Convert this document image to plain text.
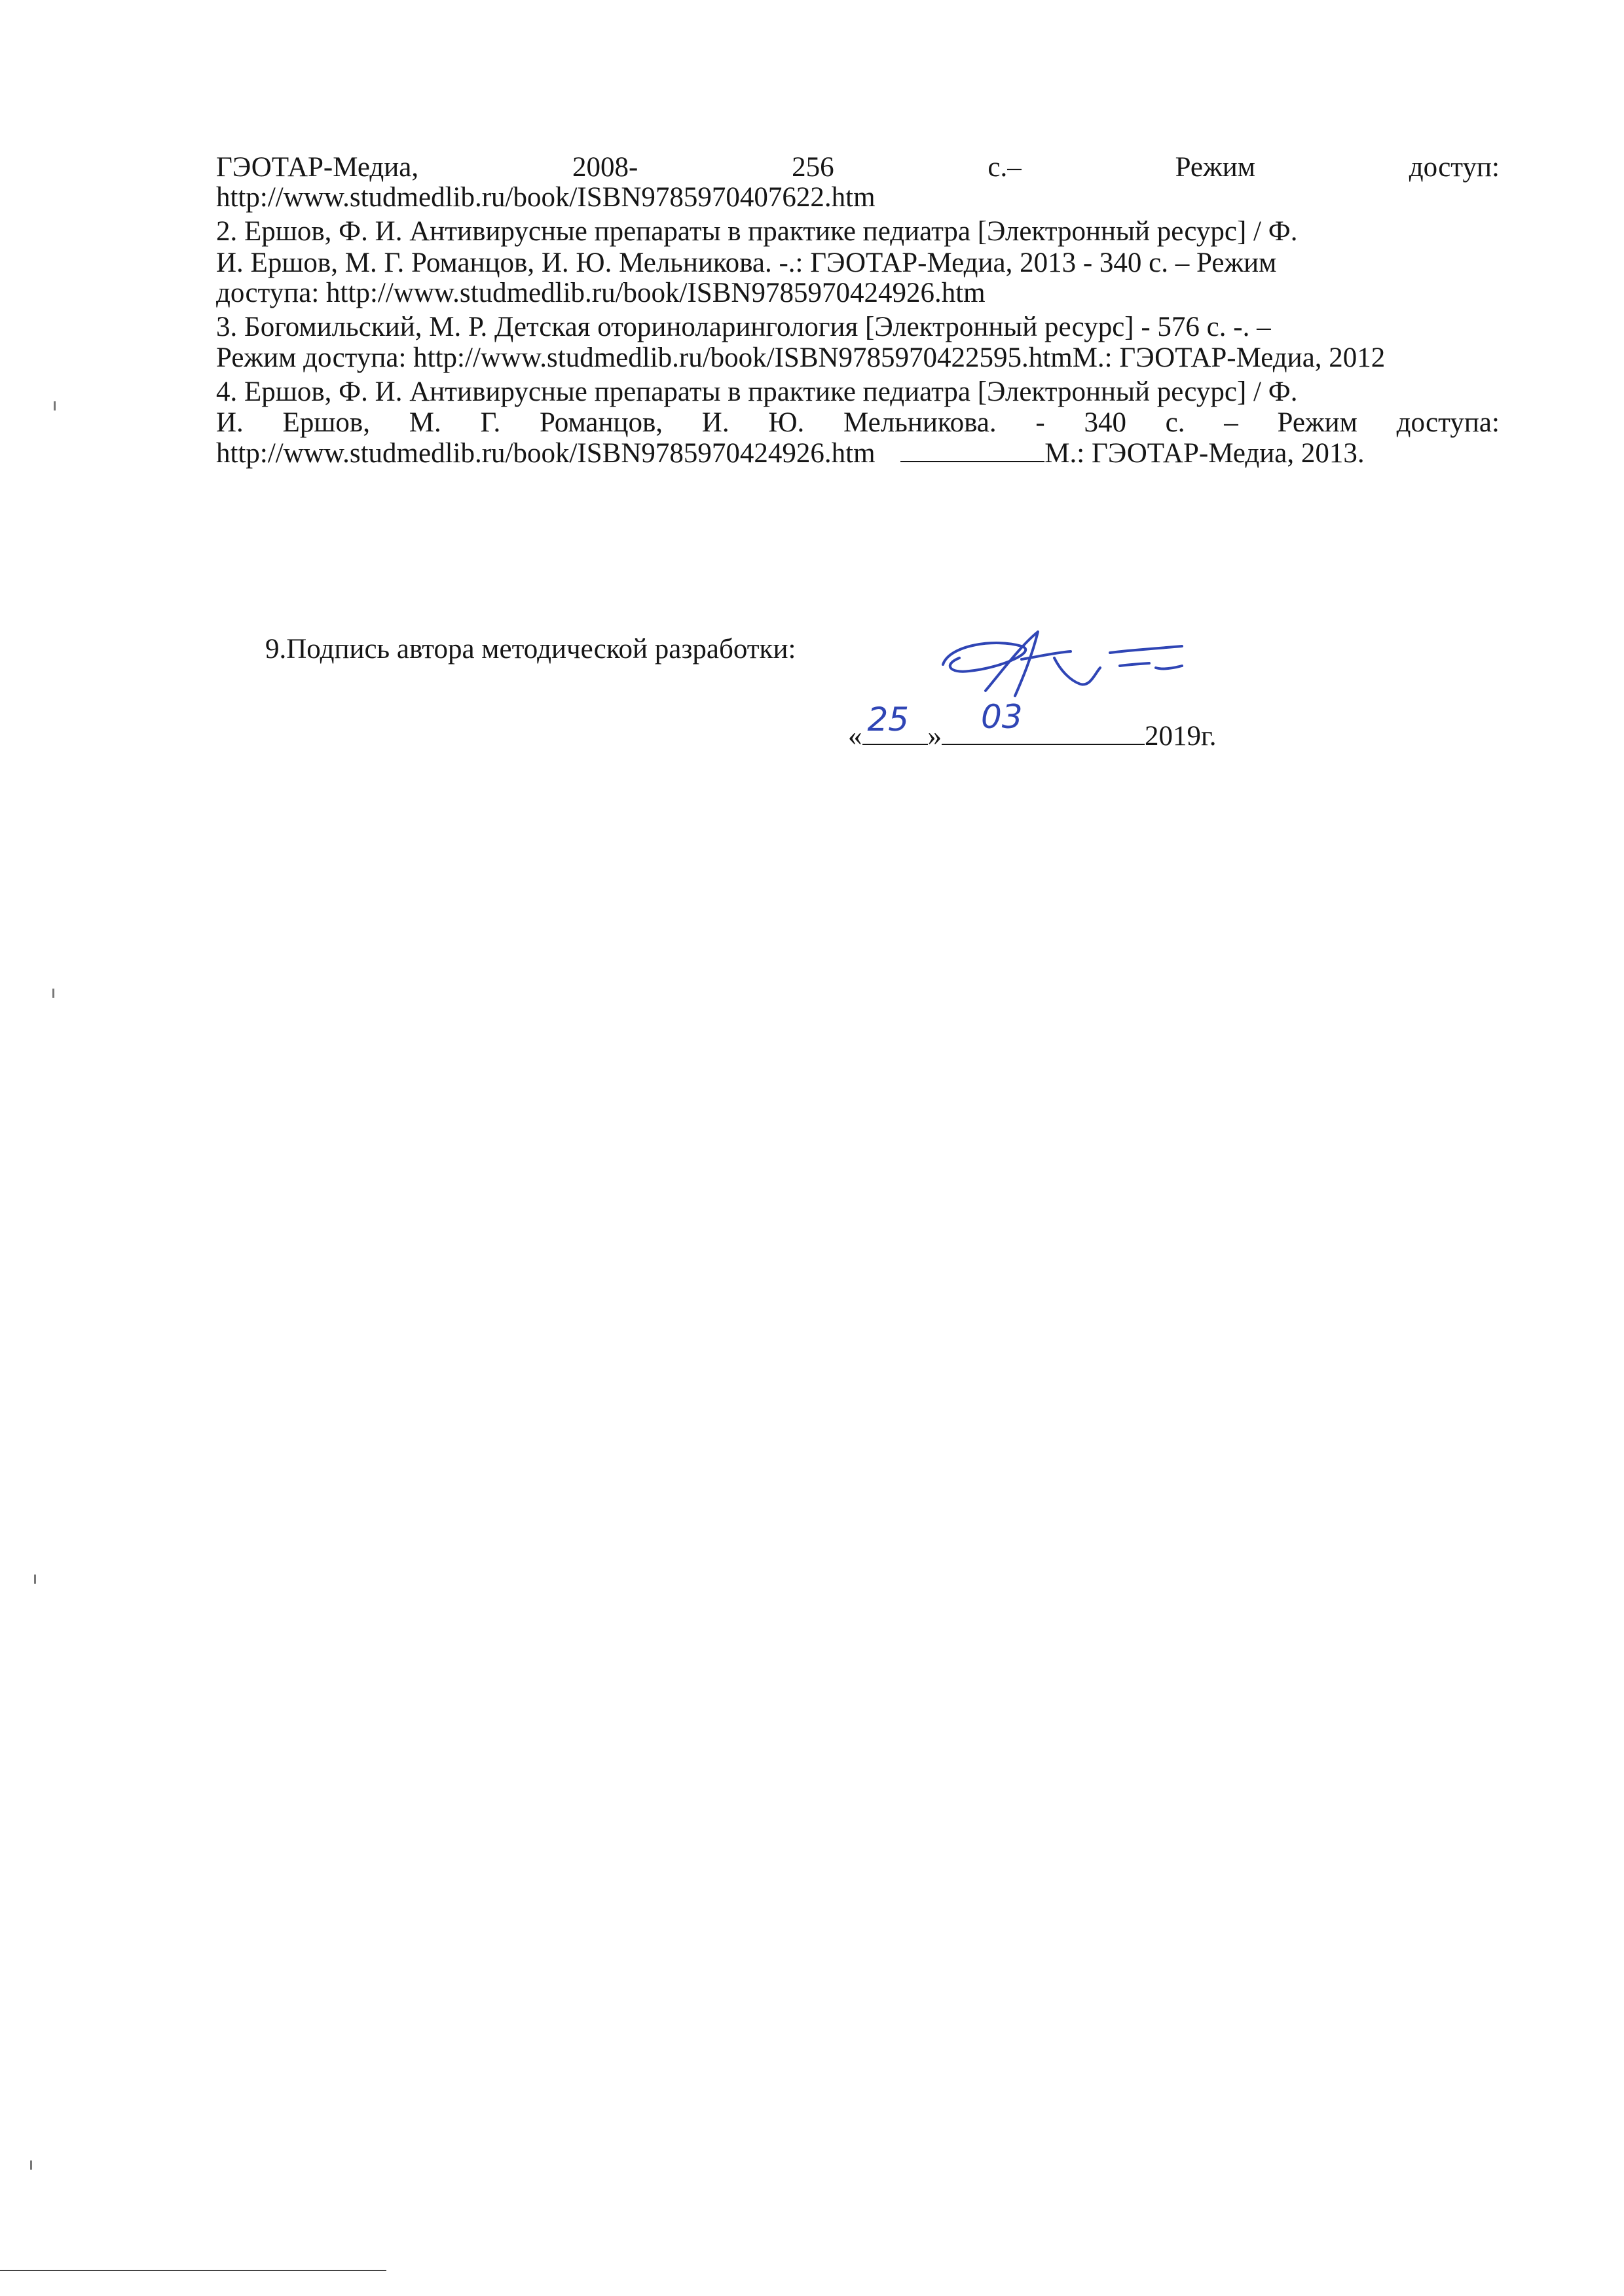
ГЭОТАР-Медиа,	2008-	256	с.–	Режим	доступ:
http://www.studmedlib.ru/book/ISBN9785970407622.htm
2. Ершов, Ф. И. Антивирусные препараты в практике педиатра [Электронный ресурс] / Ф.
И. Ершов, М. Г. Романцов, И. Ю. Мельникова. -.: ГЭОТАР-Медиа, 2013 - 340 с. – Режим
доступа: http://www.studmedlib.ru/book/ISBN9785970424926.htm
3. Богомильский, М. Р. Детская оториноларингология [Электронный ресурс] - 576 с. -. –
Режим доступа: http://www.studmedlib.ru/book/ISBN9785970422595.htmМ.: ГЭОТАР-Медиа, 2012
4. Ершов, Ф. И. Антивирусные препараты в практике педиатра [Электронный ресурс] / Ф.
И. Ершов, М. Г. Романцов, И. Ю. Мельникова. - 340 с. – Режим доступа:
http://www.studmedlib.ru/book/ISBN9785970424926.htm	М.: ГЭОТАР-Медиа, 2013.
9.Подпись автора методической разработки:
« 25 »
03
2019г.
